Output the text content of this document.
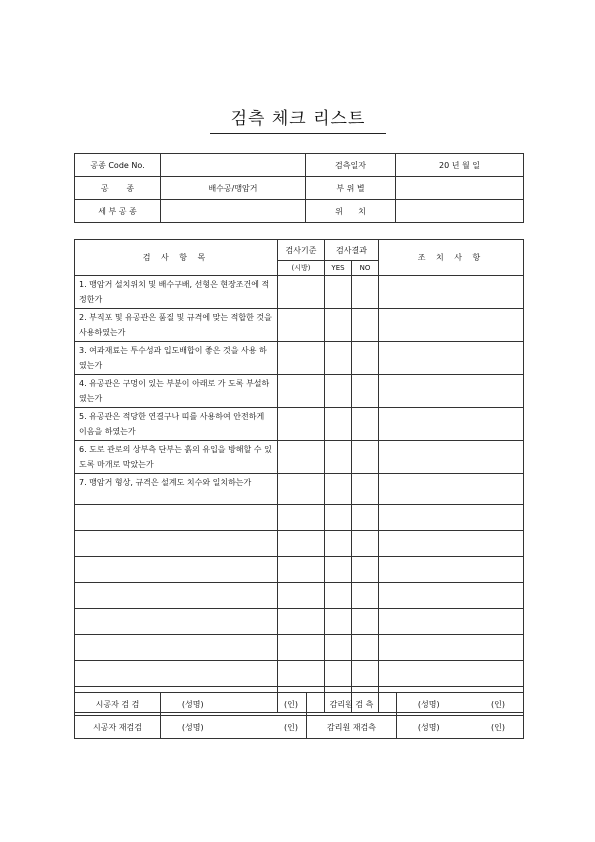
검측 체크 리스트
공종 Code No.		검측일자	20 년 월 일
공       종	배수공/맹암거	부 위 별	
세 부 공 종		위      치	
검 사 항 목	검사기준	검사결과		조 치 사 항
	(시방)	YES	NO	
1. 맹암거 설치위치 및 배수구배, 선형은 현장조건에 적정한가				
2. 부직포 및 유공관은 품질 및 규격에 맞는 적합한 것을 사용하였는가				
3. 여과재료는 투수성과 입도배합이 좋은 것을 사용 하였는가				
4. 유공관은 구멍이 있는 부분이 아래로 가 도록 부설하였는가				
5. 유공관은 적당한 연결구나 띠를 사용하여 안전하게 이음을 하였는가				
6. 도로 관로의 상부측 단부는 흙의 유입을 방해할 수 있도록 마개로 막았는가				
7. 맹암거 형상, 규격은 설계도 치수와 일치하는가				

시공자 검 검	(성명)	(인)	감리원 검 측	(성명)	(인)
시공자 재검검	(성명)	(인)	감리원 재검측	(성명)	(인)
